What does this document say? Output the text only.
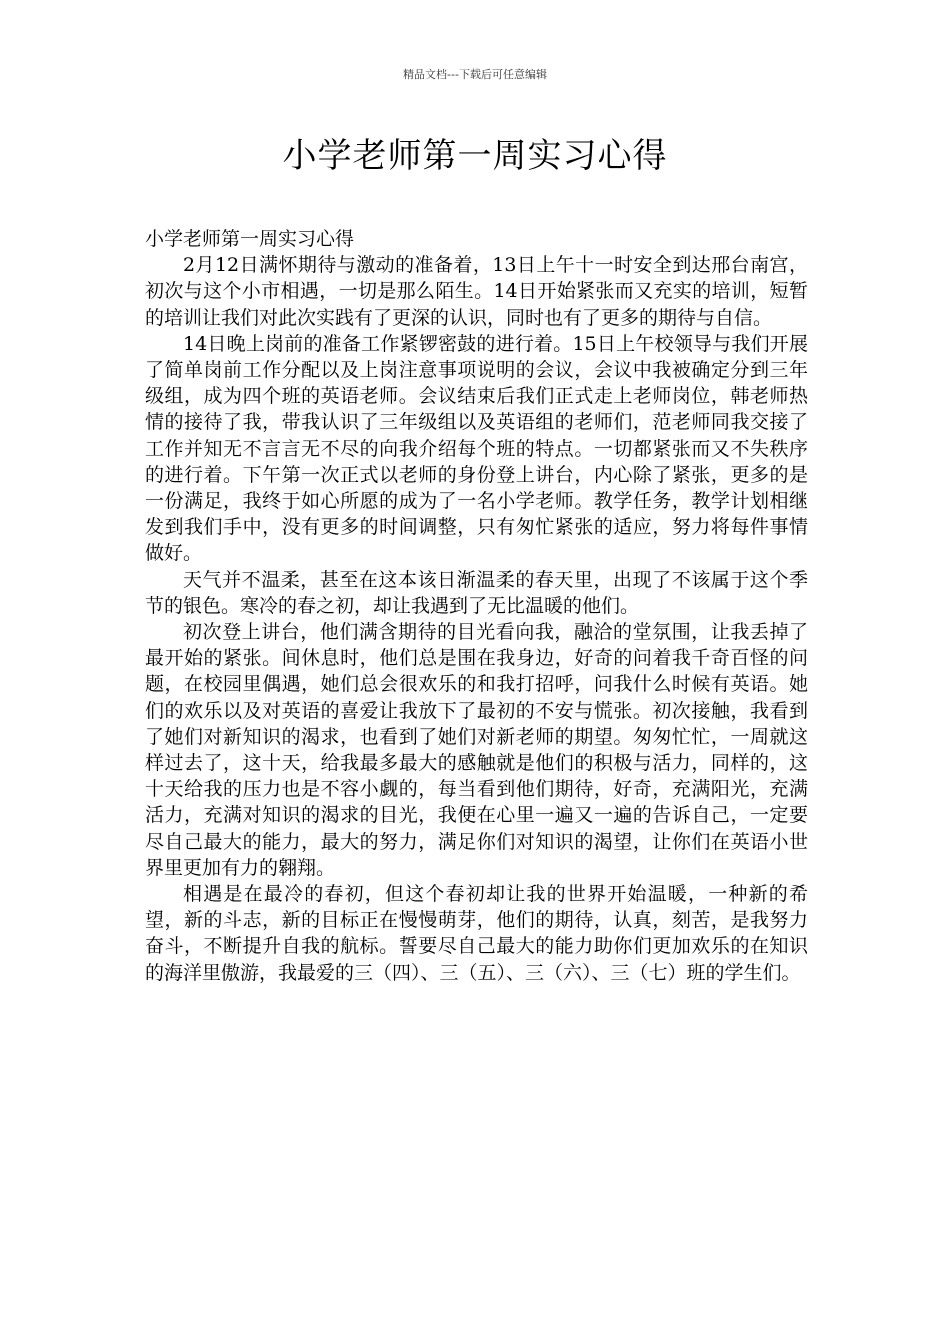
精品文档---下载后可任意编辑
小学老师第一周实习心得

小学老师第一周实习心得

2月12日满怀期待与激动的准备着，13日上午十一时安全到达邢台南宫，初次与这个小市相遇，一切是那么陌生。14日开始紧张而又充实的培训，短暂的培训让我们对此次实践有了更深的认识，同时也有了更多的期待与自信。

14日晚上岗前的准备工作紧锣密鼓的进行着。15日上午校领导与我们开展了简单岗前工作分配以及上岗注意事项说明的会议，会议中我被确定分到三年级组，成为四个班的英语老师。会议结束后我们正式走上老师岗位，韩老师热情的接待了我，带我认识了三年级组以及英语组的老师们，范老师同我交接了工作并知无不言言无不尽的向我介绍每个班的特点。一切都紧张而又不失秩序的进行着。下午第一次正式以老师的身份登上讲台，内心除了紧张，更多的是一份满足，我终于如心所愿的成为了一名小学老师。教学任务，教学计划相继发到我们手中，没有更多的时间调整，只有匆忙紧张的适应，努力将每件事情做好。

天气并不温柔，甚至在这本该日渐温柔的春天里，出现了不该属于这个季节的银色。寒冷的春之初，却让我遇到了无比温暖的他们。

初次登上讲台，他们满含期待的目光看向我，融洽的堂氛围，让我丢掉了最开始的紧张。间休息时，他们总是围在我身边，好奇的问着我千奇百怪的问题，在校园里偶遇，她们总会很欢乐的和我打招呼，问我什么时候有英语。她们的欢乐以及对英语的喜爱让我放下了最初的不安与慌张。初次接触，我看到了她们对新知识的渴求，也看到了她们对新老师的期望。匆匆忙忙，一周就这样过去了，这十天，给我最多最大的感触就是他们的积极与活力，同样的，这十天给我的压力也是不容小觑的，每当看到他们期待，好奇，充满阳光，充满活力，充满对知识的渴求的目光，我便在心里一遍又一遍的告诉自己，一定要尽自己最大的能力，最大的努力，满足你们对知识的渴望，让你们在英语小世界里更加有力的翱翔。

相遇是在最冷的春初，但这个春初却让我的世界开始温暖，一种新的希望，新的斗志，新的目标正在慢慢萌芽，他们的期待，认真，刻苦，是我努力奋斗，不断提升自我的航标。誓要尽自己最大的能力助你们更加欢乐的在知识的海洋里傲游，我最爱的三（四）、三（五）、三（六）、三（七）班的学生们。
